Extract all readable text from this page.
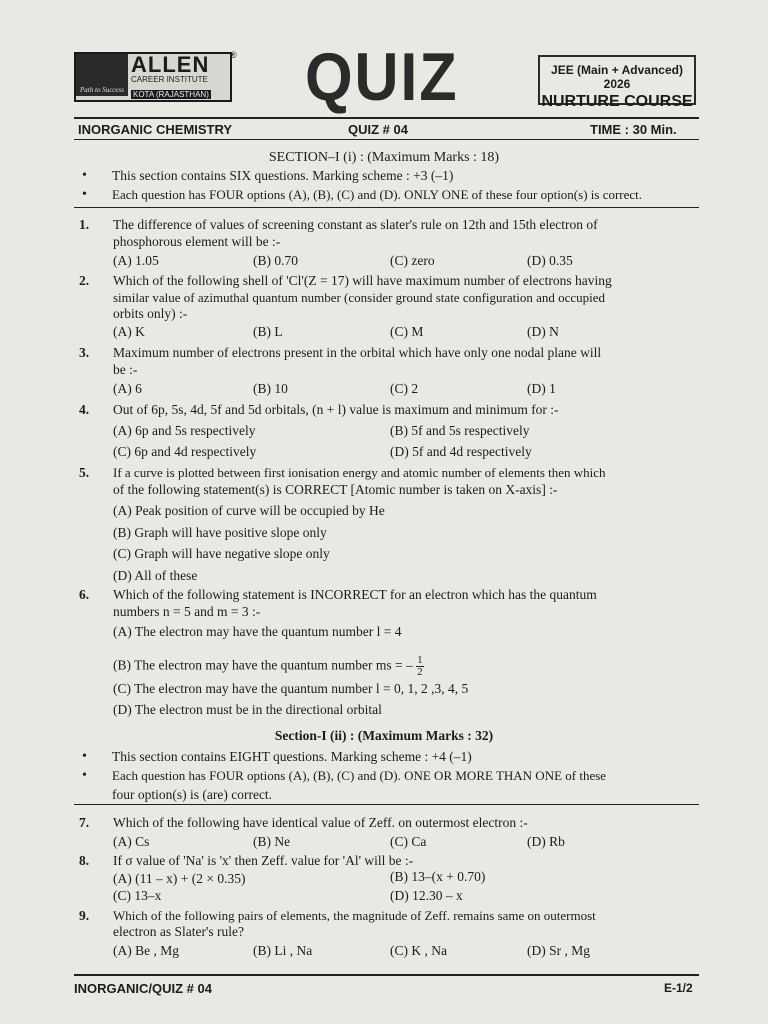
Path to Success
ALLEN
CAREER INSTITUTE
KOTA (RAJASTHAN)
® QUIZ	JEE (Main + Advanced) 2026
NURTURE COURSE
INORGANIC CHEMISTRY	QUIZ # 04	TIME : 30 Min.
SECTION–I (i) : (Maximum Marks : 18)
• This section contains SIX questions. Marking scheme : +3 (–1)
• Each question has FOUR options (A), (B), (C) and (D). ONLY ONE of these four option(s) is correct.
1. The difference of values of screening constant as slater's rule on 12th and 15th electron of
phosphorous element will be :-
(A) 1.05	(B) 0.70	(C) zero	(D) 0.35
2. Which of the following shell of 'Cl'(Z = 17) will have maximum number of electrons having
similar value of azimuthal quantum number (consider ground state configuration and occupied
orbits only) :-
(A) K	(B) L	(C) M	(D) N
3. Maximum number of electrons present in the orbital which have only one nodal plane will
be :-
(A) 6	(B) 10	(C) 2	(D) 1
4. Out of 6p, 5s, 4d, 5f and 5d orbitals, (n + l) value is maximum and minimum for :-
(A) 6p and 5s respectively	(B) 5f and 5s respectively
(C) 6p and 4d respectively	(D) 5f and 4d respectively
5. If a curve is plotted between first ionisation energy and atomic number of elements then which
of the following statement(s) is CORRECT [Atomic number is taken on X-axis] :-
(A) Peak position of curve will be occupied by He
(B) Graph will have positive slope only
(C) Graph will have negative slope only
(D) All of these
6. Which of the following statement is INCORRECT for an electron which has the quantum
numbers n = 5 and m = 3 :-
(A) The electron may have the quantum number l = 4
(B) The electron may have the quantum number ms = – $\frac{1}{2}$
(C) The electron may have the quantum number l = 0, 1, 2 ,3, 4, 5
(D) The electron must be in the directional orbital
Section-I (ii) : (Maximum Marks : 32)
• This section contains EIGHT questions. Marking scheme : +4 (–1)
• Each question has FOUR options (A), (B), (C) and (D). ONE OR MORE THAN ONE of these
four option(s) is (are) correct.
7. Which of the following have identical value of Zeff. on outermost electron :-
(A) Cs	(B) Ne	(C) Ca	(D) Rb
8. If σ value of 'Na' is 'x' then Zeff. value for 'Al' will be :-
(A) (11 – x) + (2 × 0.35)	(B) 13–(x + 0.70)
(C) 13–x	(D) 12.30 – x
9. Which of the following pairs of elements, the magnitude of Zeff. remains same on outermost
electron as Slater's rule?
(A) Be , Mg	(B) Li , Na	(C) K , Na	(D) Sr , Mg
INORGANIC/QUIZ # 04	E-1/2
